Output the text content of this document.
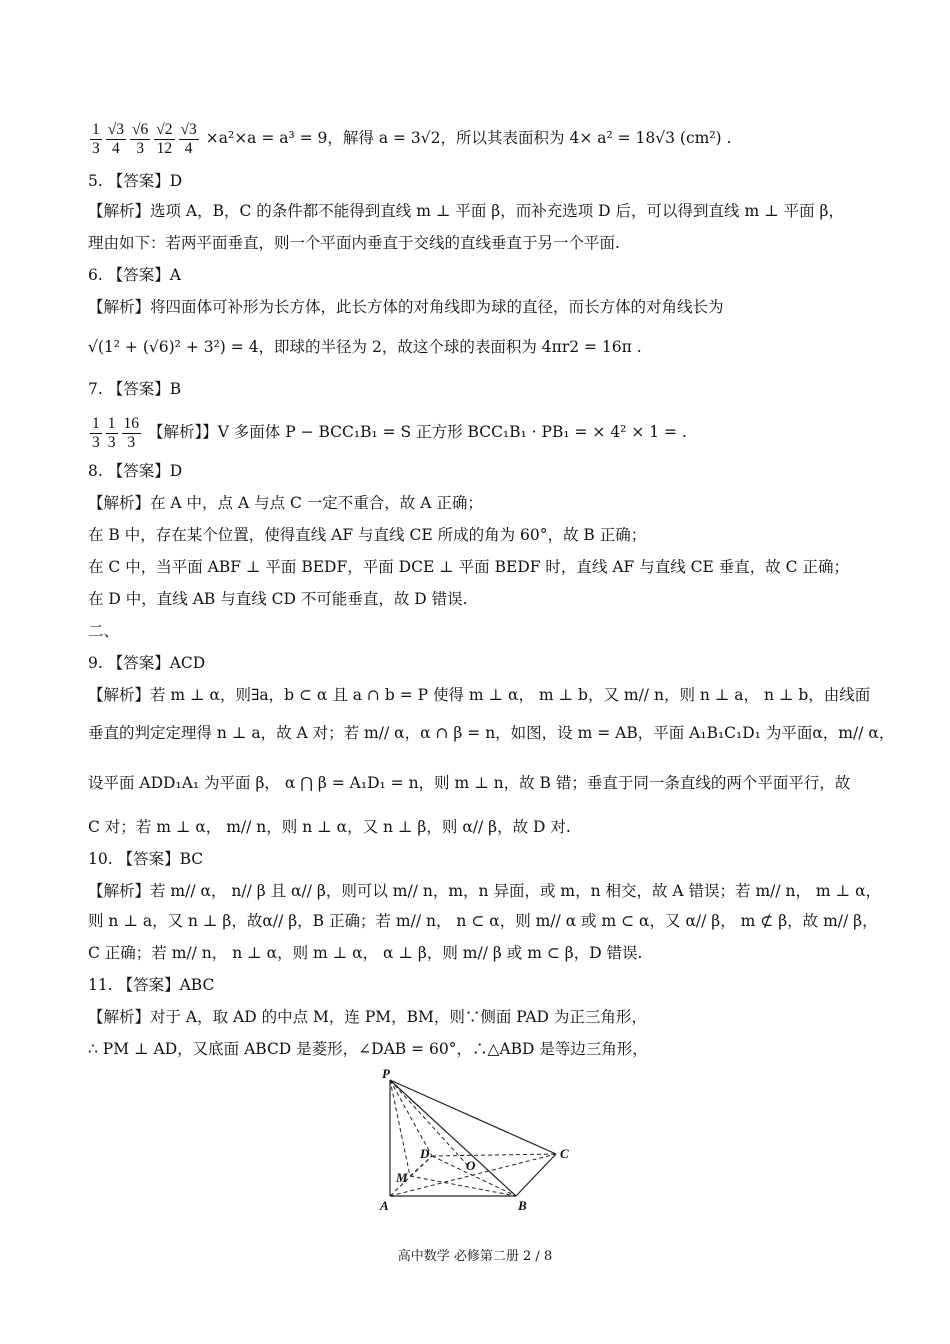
$\frac{1}{3} \frac{√3}{4} \frac{√6}{3} \frac{√2}{12} \frac{√3}{4} \times a^2\times a = a^3 = 9$，解得 a = 3√2，所以其表面积为 4× a² = 18√3 (cm²) .
5. 【答案】D
【解析】选项 A，B，C 的条件都不能得到直线 m ⊥ 平面 β，而补充选项 D 后，可以得到直线 m ⊥ 平面 β，
理由如下：若两平面垂直，则一个平面内垂直于交线的直线垂直于另一个平面.
6. 【答案】A
【解析】将四面体可补形为长方体，此长方体的对角线即为球的直径，而长方体的对角线长为
√(1² + (√6)² + 3²) = 4，即球的半径为 2，故这个球的表面积为 4πr2 = 16π .
7. 【答案】B
$\frac{1}{3} \frac{1}{3} \frac{16}{3}$ 【解析】】V 多面体 P − BCC₁B₁ = S 正方形 BCC₁B₁ · PB₁ = × 4² × 1 = .
8. 【答案】D
【解析】在 A 中，点 A 与点 C 一定不重合，故 A 正确；
在 B 中，存在某个位置，使得直线 AF 与直线 CE 所成的角为 60°，故 B 正确；
在 C 中，当平面 ABF ⊥ 平面 BEDF，平面 DCE ⊥ 平面 BEDF 时，直线 AF 与直线 CE 垂直，故 C 正确；
在 D 中，直线 AB 与直线 CD 不可能垂直，故 D 错误.
二、
9. 【答案】ACD
【解析】若 m ⊥ α，则∃a，b ⊂ α 且 a ∩ b = P 使得 m ⊥ α， m ⊥ b，又 m// n，则 n ⊥ a， n ⊥ b，由线面
垂直的判定定理得 n ⊥ a，故 A 对；若 m// α，α ∩ β = n，如图，设 m = AB，平面 A₁B₁C₁D₁ 为平面α，m// α，
设平面 ADD₁A₁ 为平面 β， α ⋂ β = A₁D₁ = n，则 m ⊥ n，故 B 错；垂直于同一条直线的两个平面平行，故
C 对；若 m ⊥ α， m// n，则 n ⊥ α，又 n ⊥ β，则 α// β，故 D 对.
10. 【答案】BC
【解析】若 m// α， n// β 且 α// β，则可以 m// n，m，n 异面，或 m，n 相交，故 A 错误；若 m// n， m ⊥ α，
则 n ⊥ a，又 n ⊥ β，故α// β，B 正确；若 m// n， n ⊂ α，则 m// α 或 m ⊂ α，又 α// β， m ⊄ β，故 m// β，
C 正确；若 m// n， n ⊥ α，则 m ⊥ α， α ⊥ β，则 m// β 或 m ⊂ β，D 错误.
11. 【答案】ABC
【解析】对于 A，取 AD 的中点 M，连 PM，BM，则∵侧面 PAD 为正三角形，
∴ PM ⊥ AD，又底面 ABCD 是菱形，∠DAB = 60°，∴△ABD 是等边三角形，
P
A	B
C
D
M
O
高中数学 必修第二册 2 / 8
